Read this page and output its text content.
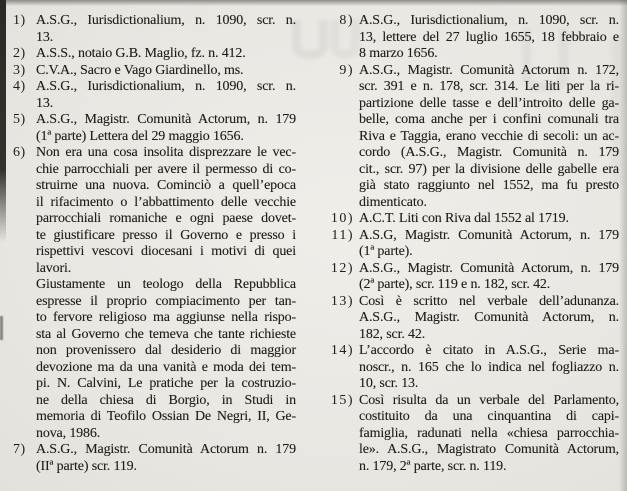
1) A.S.G., Iurisdictionalium, n. 1090, scr. n.
13.
2) A.S.S., notaio G.B. Maglio, fz. n. 412.
3) C.V.A., Sacro e Vago Giardinello, ms.
4) A.S.G., Iurisdictionalium, n. 1090, scr. n.
13.
5) A.S.G., Magistr. Comunità Actorum, n. 179
(1ª parte) Lettera del 29 maggio 1656.
6) Non era una cosa insolita disprezzare le vec-
chie parrocchiali per avere il permesso di co-
struirne una nuova. Cominciò a quell’epoca
il rifacimento o l’abbattimento delle vecchie
parrocchiali romaniche e ogni paese dovet-
te giustificare presso il Governo e presso i
rispettivi vescovi diocesani i motivi di quei
lavori.
Giustamente un teologo della Repubblica
espresse il proprio compiacimento per tan-
to fervore religioso ma aggiunse nella rispo-
sta al Governo che temeva che tante richieste
non provenissero dal desiderio di maggior
devozione ma da una vanità e moda dei tem-
pi. N. Calvini, Le pratiche per la costruzio-
ne della chiesa di Borgio, in Studi in
memoria di Teofilo Ossian De Negri, II, Ge-
nova, 1986.
7) A.S.G., Magistr. Comunità Actorum n. 179
(IIª parte) scr. 119.
8) A.S.G., Iurisdictionalium, n. 1090, scr. n.
13, lettere del 27 luglio 1655, 18 febbraio e
8 marzo 1656.
9) A.S.G., Magistr. Comunità Actorum n. 172,
scr. 391 e n. 178, scr. 314. Le liti per la ri-
partizione delle tasse e dell’introito delle ga-
belle, coma anche per i confini comunali tra
Riva e Taggia, erano vecchie di secoli: un ac-
cordo (A.S.G., Magistr. Comunità n. 179
cit., scr. 97) per la divisione delle gabelle era
già stato raggiunto nel 1552, ma fu presto
dimenticato.
10) A.C.T. Liti con Riva dal 1552 al 1719.
11) A.S.G, Magistr. Comunità Actorum, n. 179
(1ª parte).
12) A.S.G., Magistr. Comunità Actorum, n. 179
(2ª parte), scr. 119 e n. 182, scr. 42.
13) Così è scritto nel verbale dell’adunanza.
A.S.G., Magistr. Comunità Actorum, n.
182, scr. 42.
14) L’accordo è citato in A.S.G., Serie ma-
noscr., n. 165 che lo indica nel fogliazzo n.
10, scr. 13.
15) Così risulta da un verbale del Parlamento,
costituito da una cinquantina di capi-
famiglia, radunati nella «chiesa parrocchia-
le». A.S.G., Magistrato Comunità Actorum,
n. 179, 2ª parte, scr. n. 119.
